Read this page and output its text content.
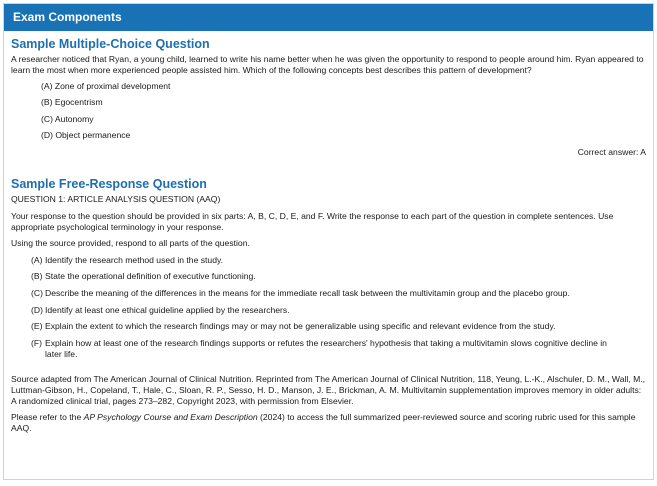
Exam Components
Sample Multiple-Choice Question

A researcher noticed that Ryan, a young child, learned to write his name better when he was given the opportunity to respond to people around him. Ryan appeared to learn the most when more experienced people assisted him. Which of the following concepts best describes this pattern of development?

(A) Zone of proximal development
(B) Egocentrism
(C) Autonomy
(D) Object permanence
Correct answer: A
Sample Free-Response Question
QUESTION 1: ARTICLE ANALYSIS QUESTION (AAQ)

Your response to the question should be provided in six parts: A, B, C, D, E, and F. Write the response to each part of the question in complete sentences. Use appropriate psychological terminology in your response.

Using the source provided, respond to all parts of the question.

(A) Identify the research method used in the study.
(B) State the operational definition of executive functioning.
(C) Describe the meaning of the differences in the means for the immediate recall task between the multivitamin group and the placebo group.
(D) Identify at least one ethical guideline applied by the researchers.
(E) Explain the extent to which the research findings may or may not be generalizable using specific and relevant evidence from the study.
(F) Explain how at least one of the research findings supports or refutes the researchers' hypothesis that taking a multivitamin slows cognitive decline in later life.

Source adapted from The American Journal of Clinical Nutrition. Reprinted from The American Journal of Clinical Nutrition, 118, Yeung, L.-K., Alschuler, D. M., Wall, M., Luttman-Gibson, H., Copeland, T., Hale, C., Sloan, R. P., Sesso, H. D., Manson, J. E., Brickman, A. M. Multivitamin supplementation improves memory in older adults: A randomized clinical trial, pages 273–282, Copyright 2023, with permission from Elsevier.

Please refer to the AP Psychology Course and Exam Description (2024) to access the full summarized peer-reviewed source and scoring rubric used for this sample AAQ.
